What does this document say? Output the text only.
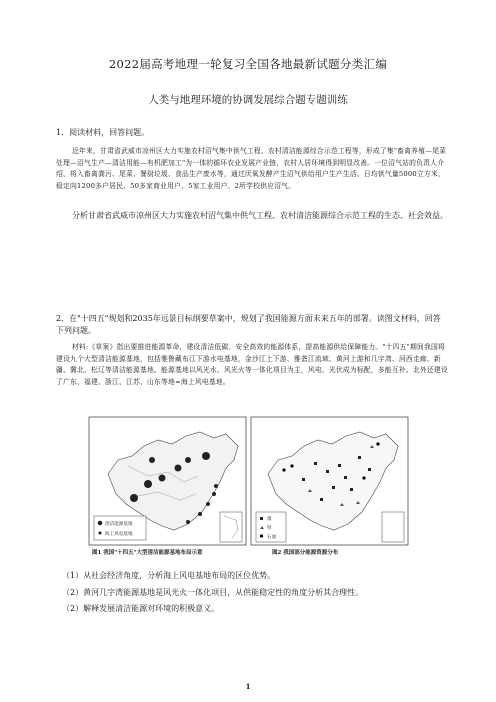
2022届高考地理一轮复习全国各地最新试题分类汇编
人类与地理环境的协调发展综合题专题训练
1．阅读材料，回答问题。
近年来，甘肃省武威市凉州区大力实施农村沼气集中供气工程、农村清洁能源综合示范工程等，形成了集"畜禽养殖—尾菜处理—沼气生产—清洁用能—有机肥加工"为一体的循环农业发展产业链，农村人居环境得到明显改善。一位沼气站的负责人介绍，将入畜禽粪污、尾菜、餐厨垃圾、食品生产废水等，通过厌氧发酵产生沼气供给用户生产生活。日均供气量5000立方米，稳定向1200多户居民、50多家商业用户、5家工业用户、2所学校供应沼气。
分析甘肃省武威市凉州区大力实施农村沼气集中供气工程、农村清洁能源综合示范工程的生态、社会效益。
2．在"十四五"规划和2035年远景目标纲要草案中，规划了我国能源方面未来五年的部署。读图文材料，回答下列问题。
材料:《草案》指出要推进能源革命，建设清洁低碳、安全高效的能源体系，提高能源供给保障能力。"十四五"期间我国将建设九个大型清洁能源基地，包括雅鲁藏布江下游水电基地，金沙江上下游、雅砻江流域、黄河上游和几字湾、河西走廊、新疆、冀北、松辽等清洁能源基地。能源基地以风光水、风光火等一体化项目为主，风电、光伏成为标配，多能互补。北外还建设了广东、福建、浙江、江苏、山东等地=海上风电基地。
清洁能源基地
海上风电基地
煤
铁
石油
图1 我国"十四五"大型清洁能源基地布局示意	图2 我国部分能源资源分布
（1）从社会经济角度，分析海上风电基地布局的区位优势。
（2）黄河几字湾能源基地是风光火一体化项目，从供能稳定性的角度分析其合理性。
（2）解释发展清洁能源对环境的积极意义。
1
